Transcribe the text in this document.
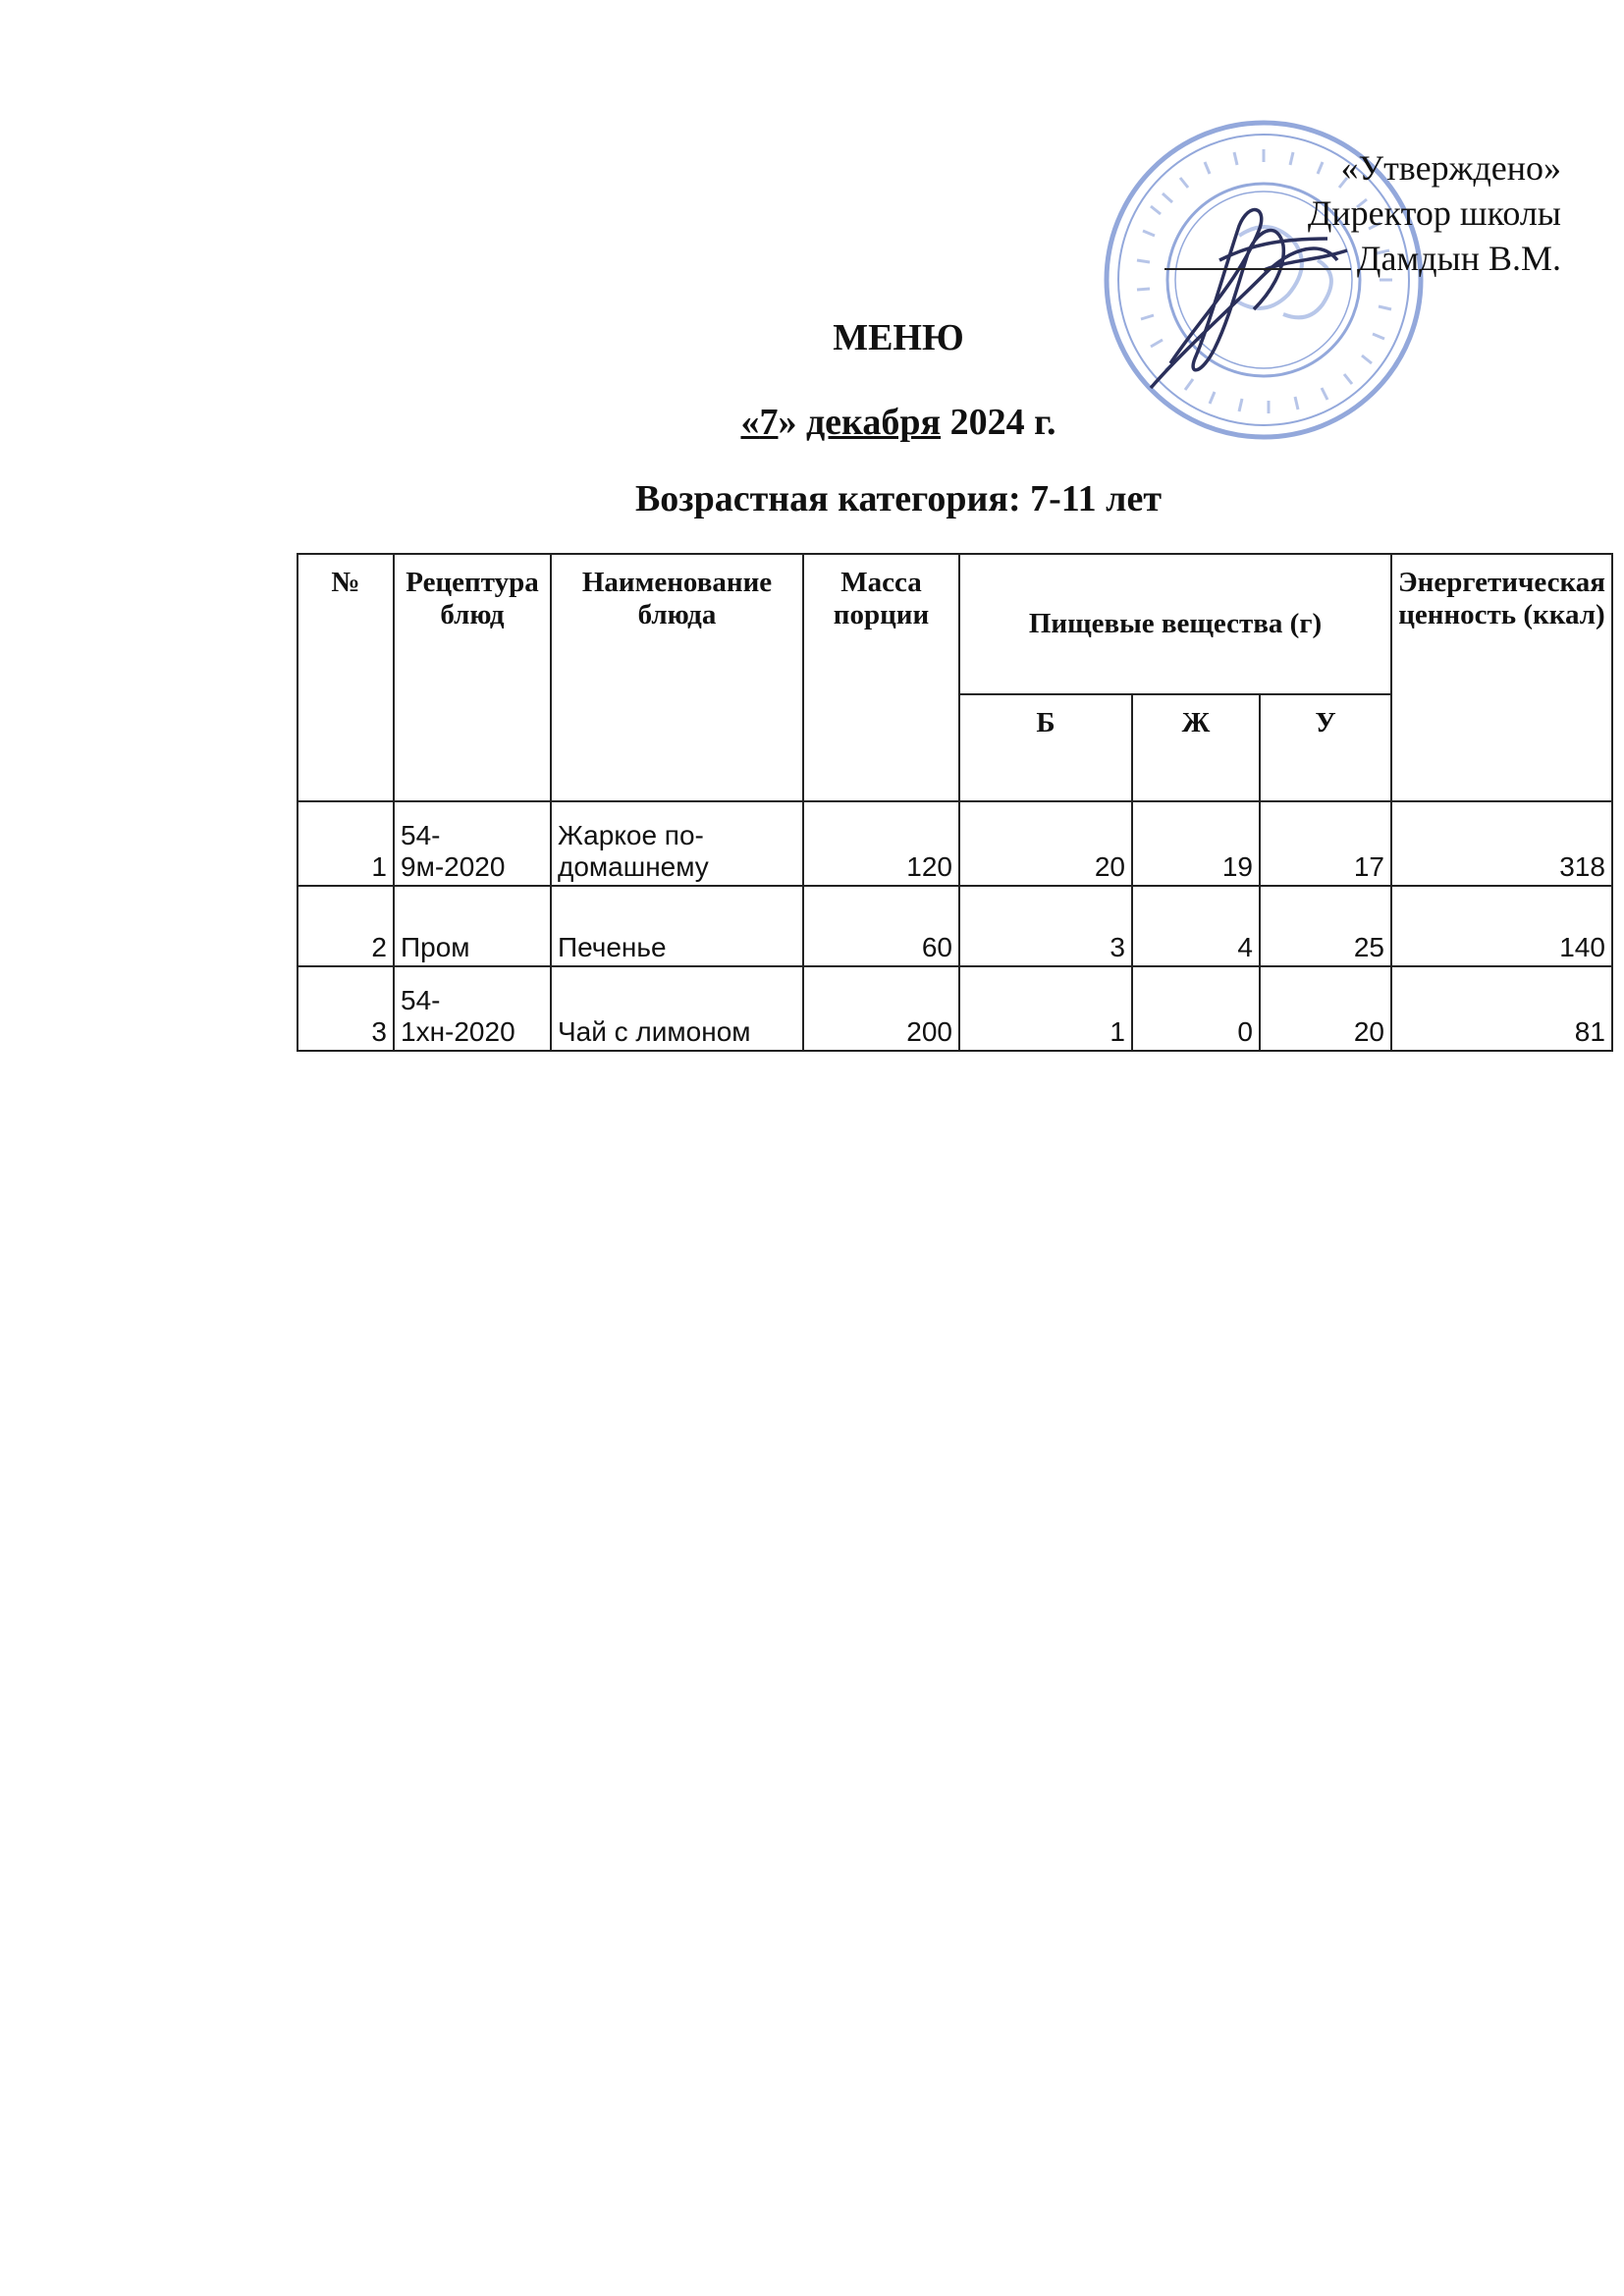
«Утверждено»
Директор школы
Дамдын В.М.
МЕНЮ
«7» декабря 2024 г.
Возрастная категория: 7-11 лет
№	Рецептура блюд	Наименование блюда	Масса порции	Пищевые вещества (г)			Энергетическая ценность (ккал)
				Б	Ж	У	
1	54-9м-2020	Жаркое по-домашнему	120	20	19	17	318
2	Пром	Печенье	60	3	4	25	140
3	54-1хн-2020	Чай с лимоном	200	1	0	20	81
